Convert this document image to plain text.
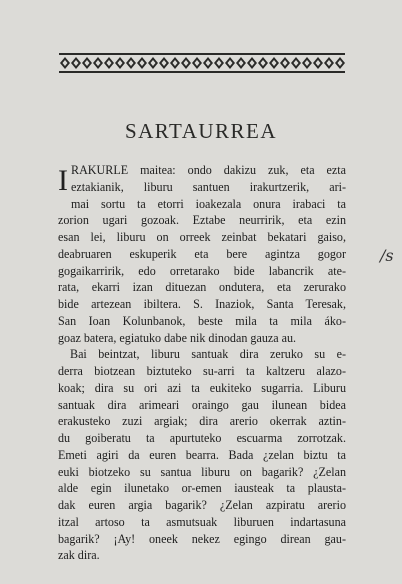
SARTAURREA
I RAKURLE maitea: ondo dakizu zuk, eta ezta
eztakianik, liburu santuen irakurtzerik, ari-
mai sortu ta etorri ioakezala onura irabaci ta
zorion ugari gozoak. Eztabe neurririk, eta ezin
esan lei, liburu on orreek zeinbat bekatari gaiso,
deabruaren eskuperik eta bere agintza gogor
gogaikarririk, edo orretarako bide labancrik ate-
rata, ekarri izan dituezan ondutera, eta zerurako
bide artezean ibiltera. S. Inaziok, Santa Teresak,
San Ioan Kolunbanok, beste mila ta mila áko-
goaz batera, egiatuko dabe nik dinodan gauza au.
Bai beintzat, liburu santuak dira zeruko su e-
derra biotzean biztuteko su-arri ta kaltzeru alazo-
koak; dira su ori azi ta eukiteko sugarria. Liburu
santuak dira arimeari oraingo gau ilunean bidea
erakusteko zuzi argiak; dira arerio okerrak aztin-
du goiberatu ta apurtuteko escuarma zorrotzak.
Emeti agiri da euren bearra. Bada ¿zelan biztu ta
euki biotzeko su santua liburu on bagarik? ¿Zelan
alde egin ilunetako or-emen iausteak ta plausta-
dak euren argia bagarik? ¿Zelan azpiratu arerio
itzal artoso ta asmutsuak liburuen indartasuna
bagarik? ¡Ay! oneek nekez egingo direan gau-
zak dira.
/s
